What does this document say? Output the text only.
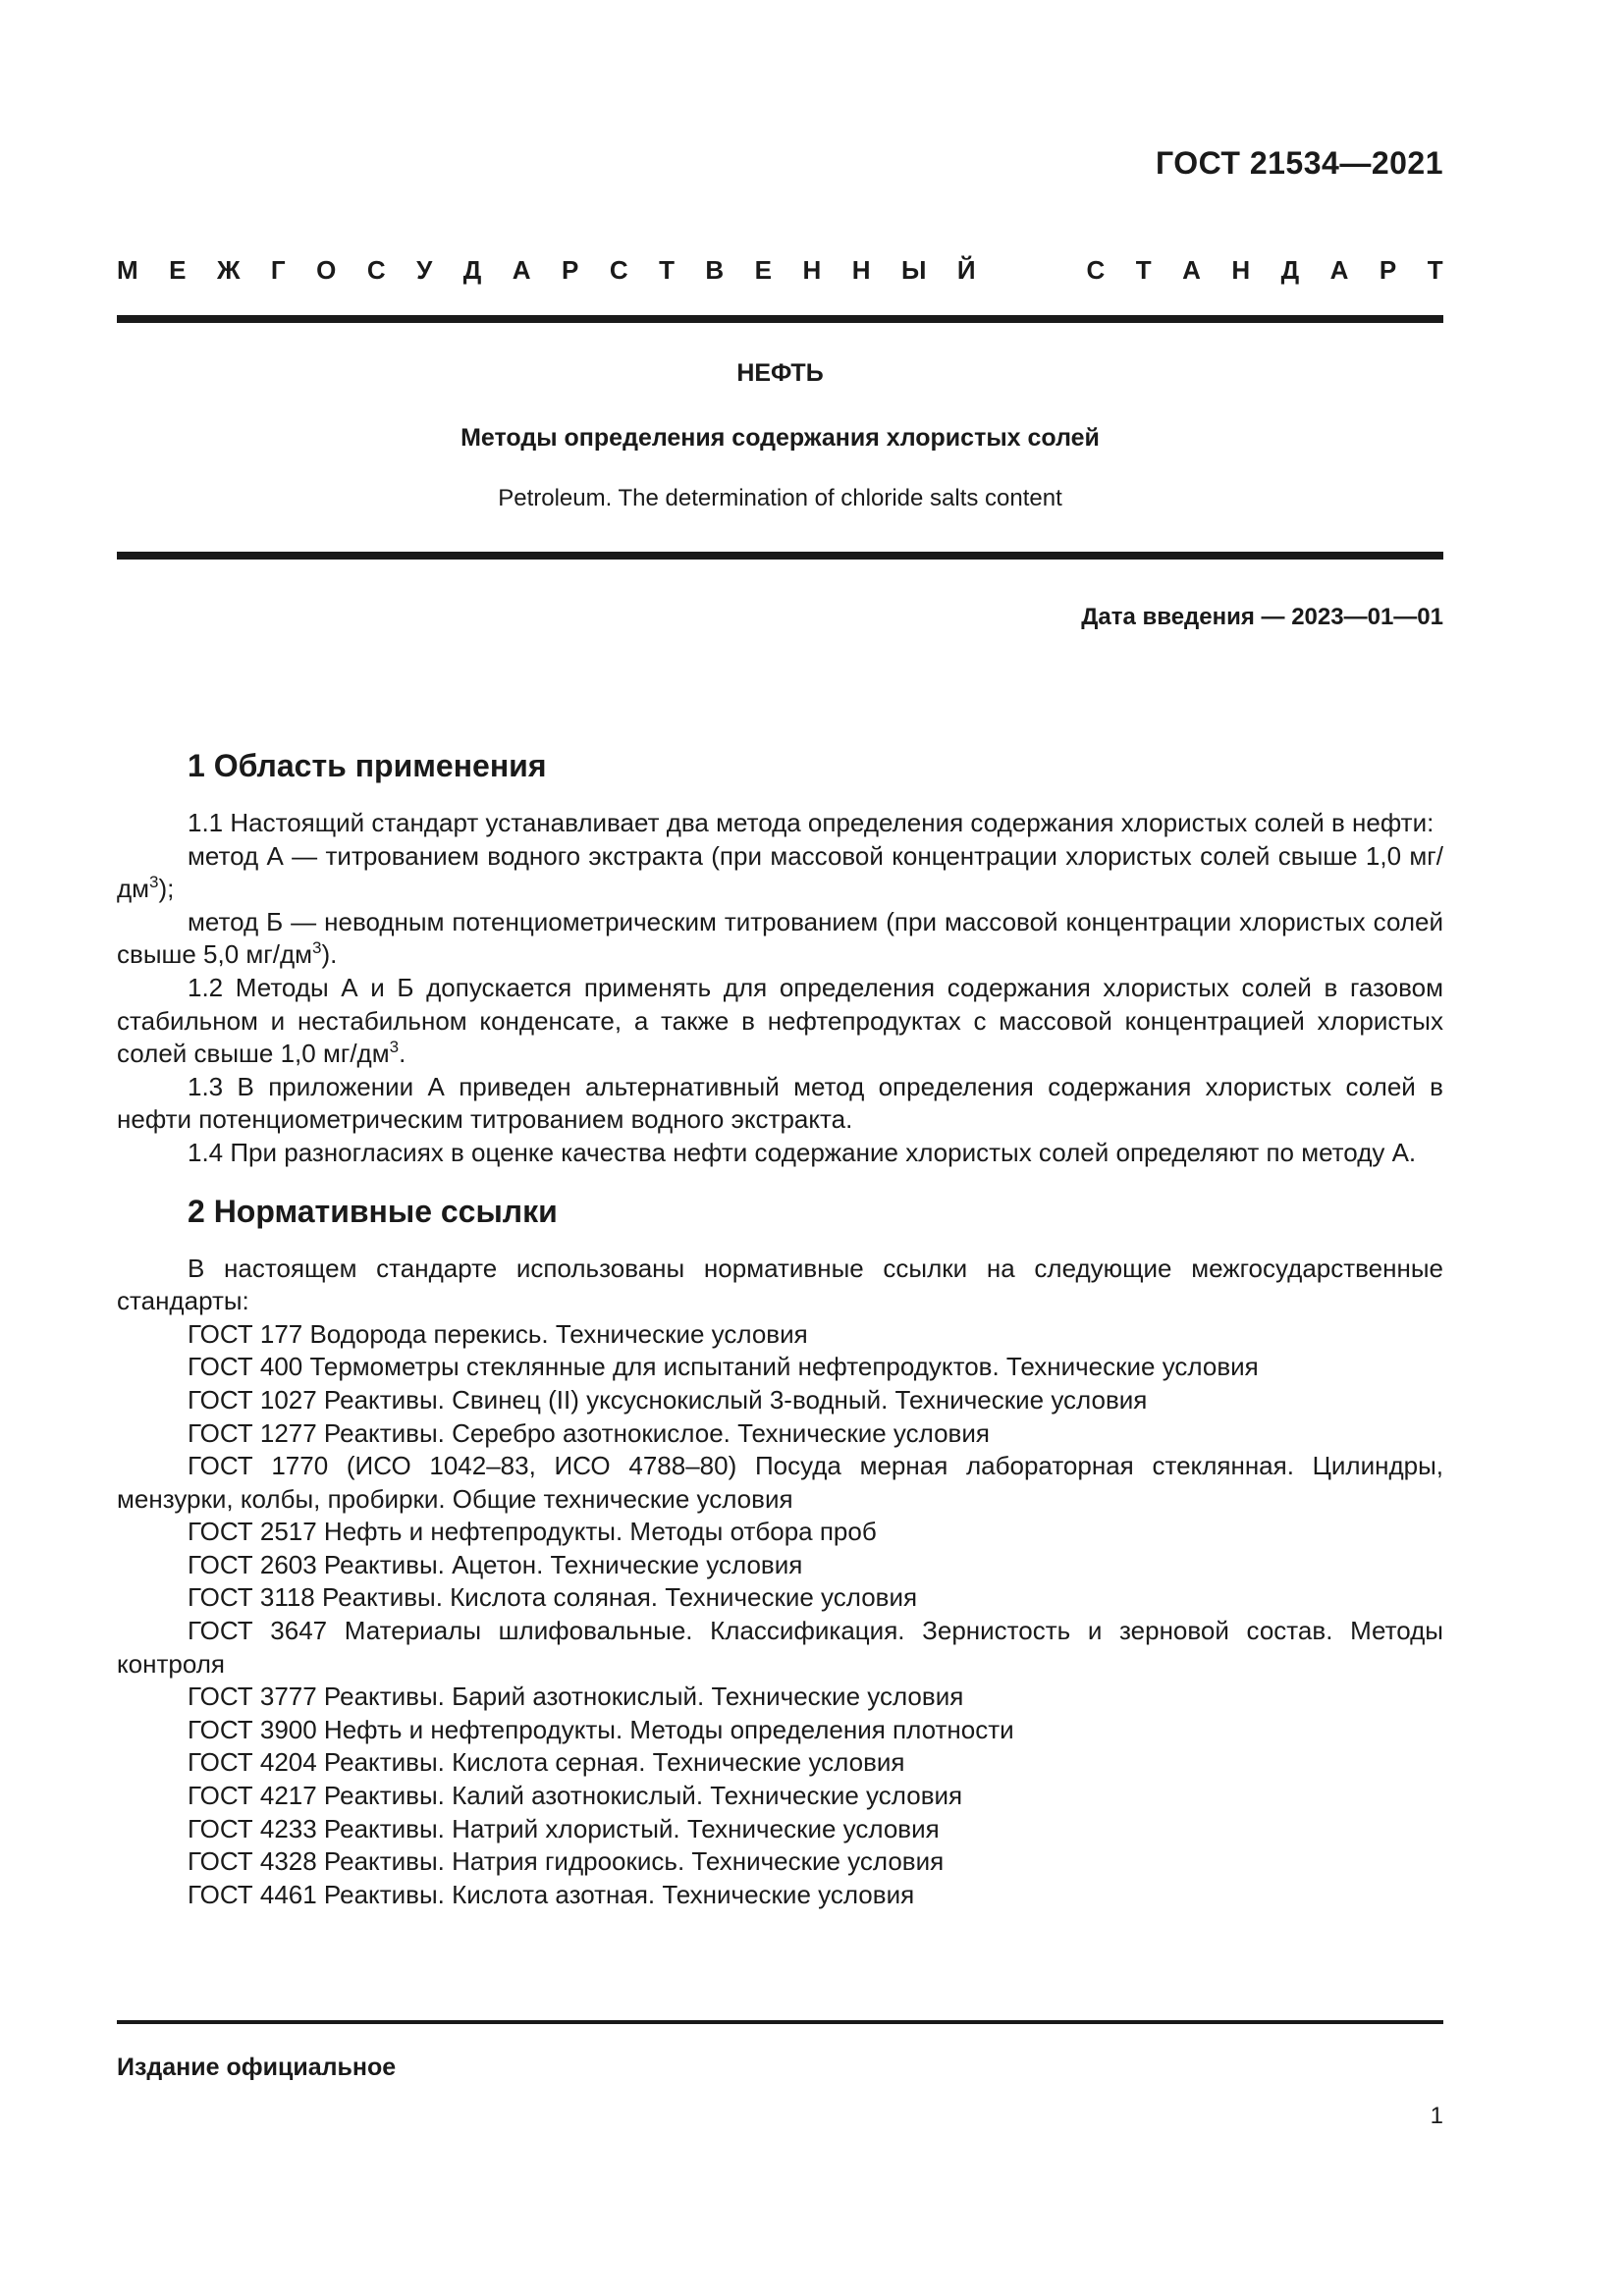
ГОСТ 21534—2021
М Е Ж Г О С У Д А Р С Т В Е Н Н Ы Й	С Т А Н Д А Р Т
НЕФТЬ
Методы определения содержания хлористых солей
Petroleum. The determination of chloride salts content
Дата введения — 2023—01—01
1 Область применения

1.1 Настоящий стандарт устанавливает два метода определения содержания хлористых солей в нефти:

метод А — титрованием водного экстракта (при массовой концентрации хлористых солей свыше 1,0 $мг/дм^3$);

метод Б — неводным потенциометрическим титрованием (при массовой концентрации хлористых солей свыше 5,0 $мг/дм^3$).

1.2 Методы А и Б допускается применять для определения содержания хлористых солей в газовом стабильном и нестабильном конденсате, а также в нефтепродуктах с массовой концентрацией хлористых солей свыше 1,0 $мг/дм^3$.

1.3 В приложении А приведен альтернативный метод определения содержания хлористых солей в нефти потенциометрическим титрованием водного экстракта.

1.4 При разногласиях в оценке качества нефти содержание хлористых солей определяют по методу А.

2 Нормативные ссылки

В настоящем стандарте использованы нормативные ссылки на следующие межгосударственные стандарты:

ГОСТ 177 Водорода перекись. Технические условия

ГОСТ 400 Термометры стеклянные для испытаний нефтепродуктов. Технические условия

ГОСТ 1027 Реактивы. Свинец (II) уксуснокислый 3-водный. Технические условия

ГОСТ 1277 Реактивы. Серебро азотнокислое. Технические условия

ГОСТ 1770 (ИСО 1042–83, ИСО 4788–80) Посуда мерная лабораторная стеклянная. Цилиндры, мензурки, колбы, пробирки. Общие технические условия

ГОСТ 2517 Нефть и нефтепродукты. Методы отбора проб

ГОСТ 2603 Реактивы. Ацетон. Технические условия

ГОСТ 3118 Реактивы. Кислота соляная. Технические условия

ГОСТ 3647 Материалы шлифовальные. Классификация. Зернистость и зерновой состав. Методы контроля

ГОСТ 3777 Реактивы. Барий азотнокислый. Технические условия

ГОСТ 3900 Нефть и нефтепродукты. Методы определения плотности

ГОСТ 4204 Реактивы. Кислота серная. Технические условия

ГОСТ 4217 Реактивы. Калий азотнокислый. Технические условия

ГОСТ 4233 Реактивы. Натрий хлористый. Технические условия

ГОСТ 4328 Реактивы. Натрия гидроокись. Технические условия

ГОСТ 4461 Реактивы. Кислота азотная. Технические условия

Издание официальное
1
